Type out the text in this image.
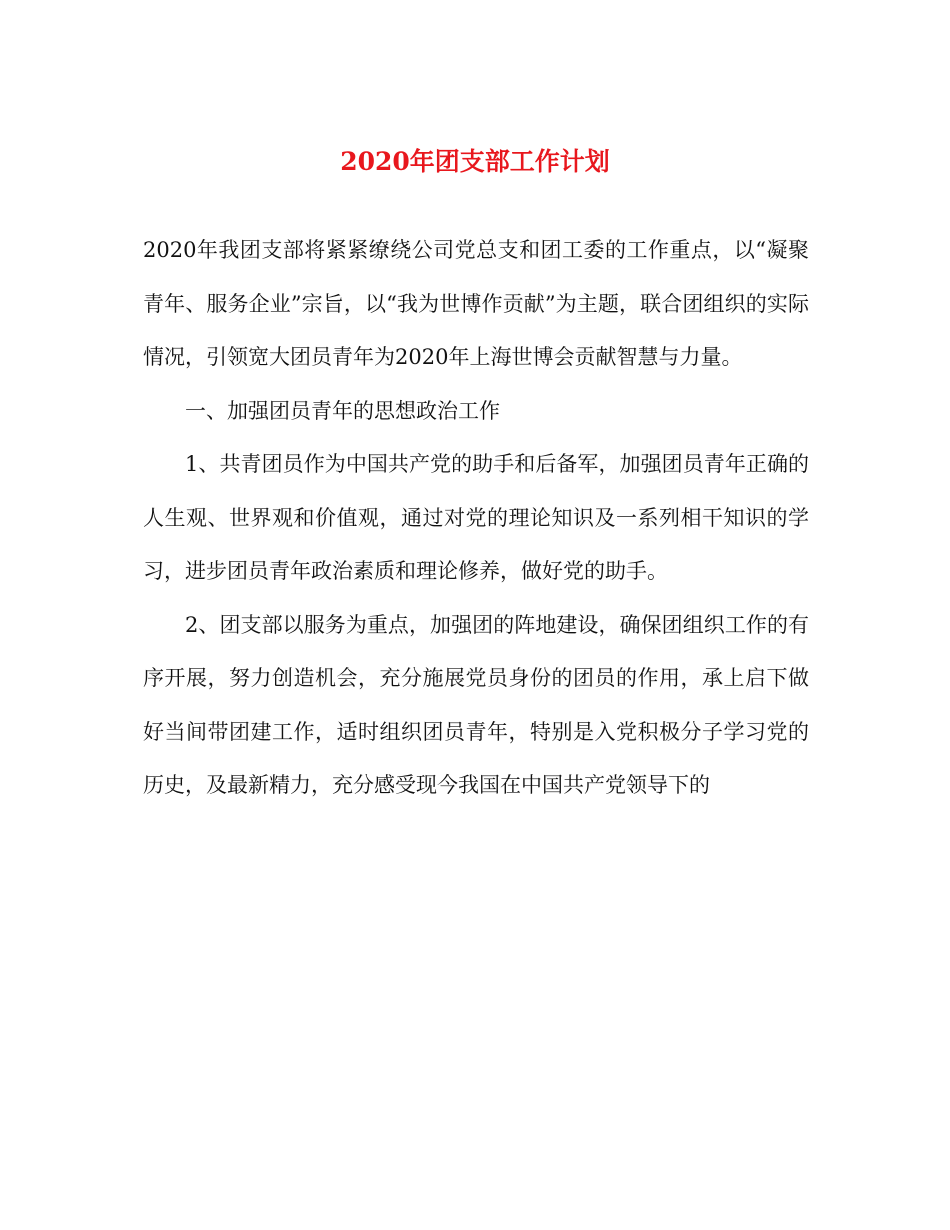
2020年团支部工作计划

2020年我团支部将紧紧缭绕公司党总支和团工委的工作重点，以“凝聚青年、服务企业”宗旨，以“我为世博作贡献”为主题，联合团组织的实际情况，引领宽大团员青年为2020年上海世博会贡献智慧与力量。

一、加强团员青年的思想政治工作

1、共青团员作为中国共产党的助手和后备军，加强团员青年正确的人生观、世界观和价值观，通过对党的理论知识及一系列相干知识的学习，进步团员青年政治素质和理论修养，做好党的助手。

2、团支部以服务为重点，加强团的阵地建设，确保团组织工作的有序开展，努力创造机会，充分施展党员身份的团员的作用，承上启下做好当间带团建工作，适时组织团员青年，特别是入党积极分子学习党的历史，及最新精力，充分感受现今我国在中国共产党领导下的
